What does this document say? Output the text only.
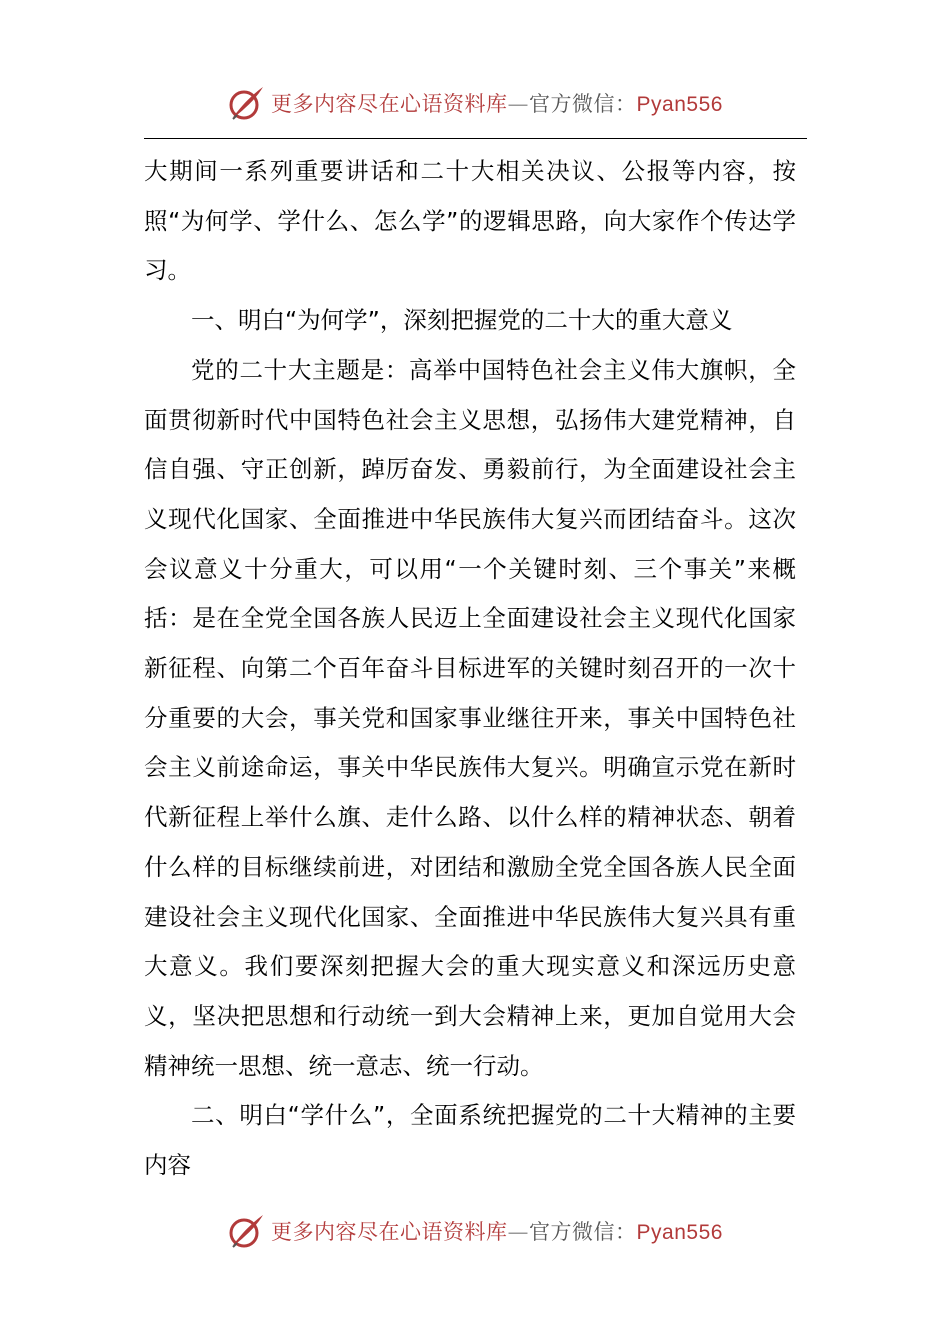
更多内容尽在心语资料库—官方微信：Pyan556

大期间一系列重要讲话和二十大相关决议、公报等内容，按照“为何学、学什么、怎么学”的逻辑思路，向大家作个传达学习。

一、明白“为何学”，深刻把握党的二十大的重大意义

党的二十大主题是：高举中国特色社会主义伟大旗帜，全面贯彻新时代中国特色社会主义思想，弘扬伟大建党精神，自信自强、守正创新，踔厉奋发、勇毅前行，为全面建设社会主义现代化国家、全面推进中华民族伟大复兴而团结奋斗。这次会议意义十分重大，可以用“一个关键时刻、三个事关”来概括：是在全党全国各族人民迈上全面建设社会主义现代化国家新征程、向第二个百年奋斗目标进军的关键时刻召开的一次十分重要的大会，事关党和国家事业继往开来，事关中国特色社会主义前途命运，事关中华民族伟大复兴。明确宣示党在新时代新征程上举什么旗、走什么路、以什么样的精神状态、朝着什么样的目标继续前进，对团结和激励全党全国各族人民全面建设社会主义现代化国家、全面推进中华民族伟大复兴具有重大意义。我们要深刻把握大会的重大现实意义和深远历史意义，坚决把思想和行动统一到大会精神上来，更加自觉用大会精神统一思想、统一意志、统一行动。

二、明白“学什么”，全面系统把握党的二十大精神的主要内容

更多内容尽在心语资料库—官方微信：Pyan556
